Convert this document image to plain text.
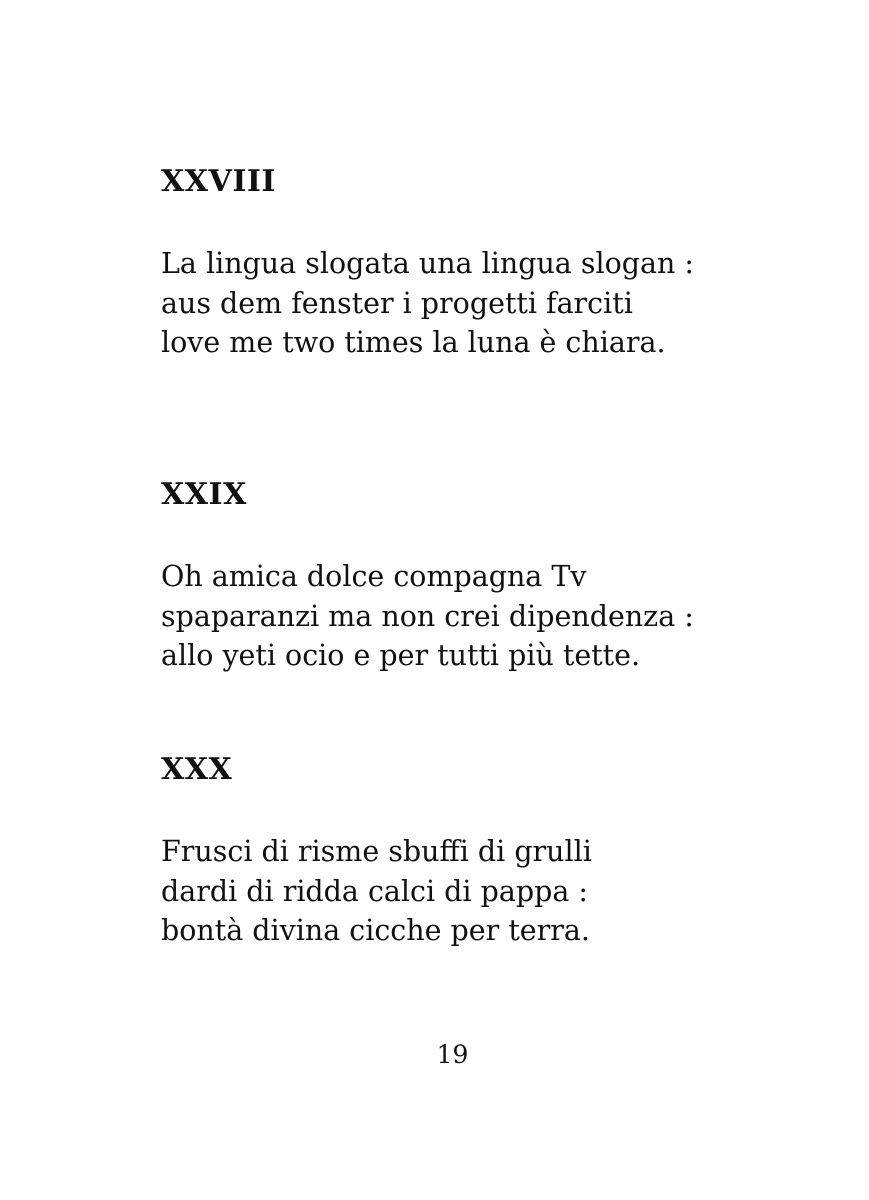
XXVIII

La lingua slogata una lingua slogan :
aus dem fenster i progetti farciti
love me two times la luna è chiara.

XXIX

Oh amica dolce compagna Tv
spaparanzi ma non crei dipendenza :
allo yeti ocio e per tutti più tette.

XXX

Frusci di risme sbuffi di grulli
dardi di ridda calci di pappa :
bontà divina cicche per terra.

19
